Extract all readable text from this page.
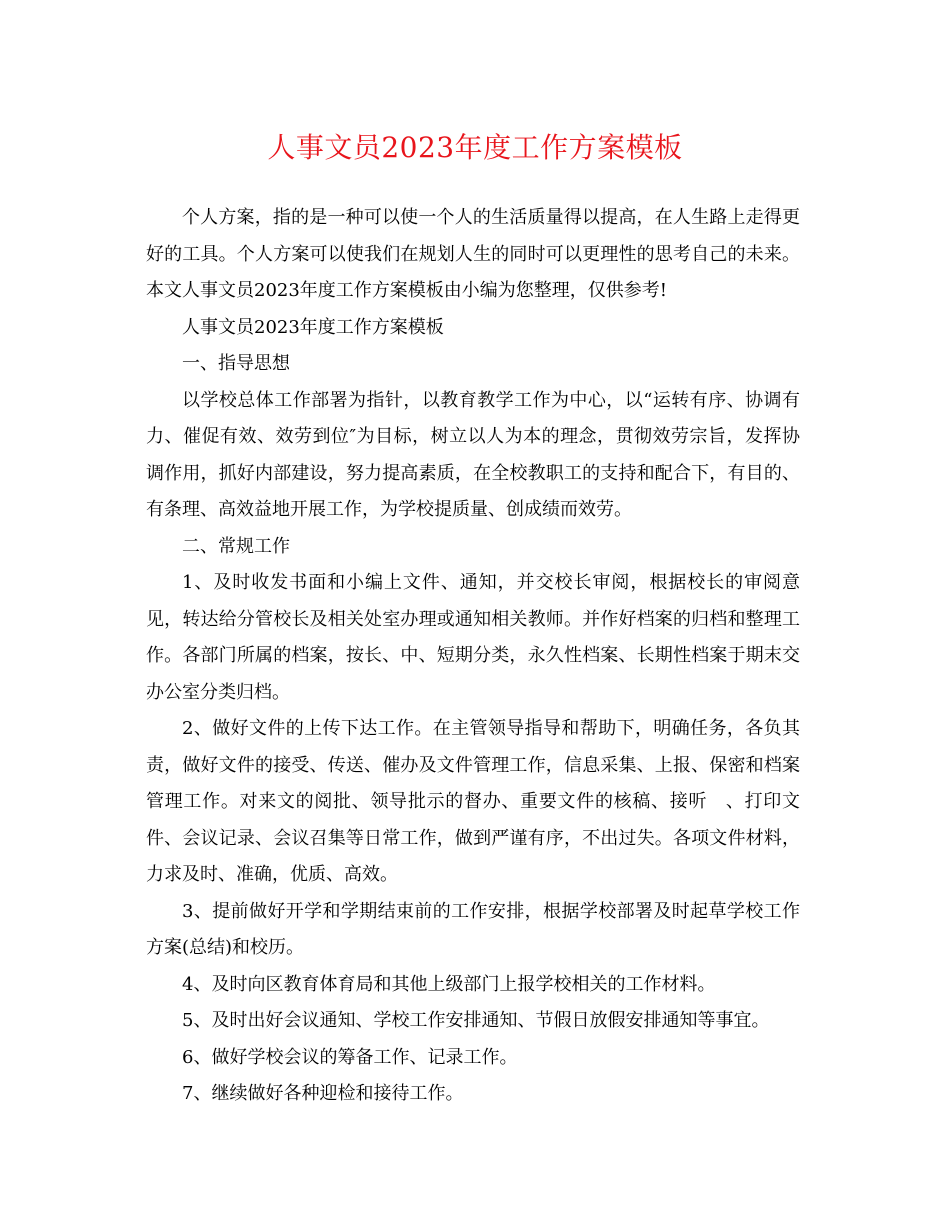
人事文员2023年度工作方案模板

个人方案，指的是一种可以使一个人的生活质量得以提高，在人生路上走得更好的工具。个人方案可以使我们在规划人生的同时可以更理性的思考自己的未来。本文人事文员2023年度工作方案模板由小编为您整理，仅供参考!

人事文员2023年度工作方案模板

一、指导思想

以学校总体工作部署为指针，以教育教学工作为中心，以“运转有序、协调有力、催促有效、效劳到位″为目标，树立以人为本的理念，贯彻效劳宗旨，发挥协调作用，抓好内部建设，努力提高素质，在全校教职工的支持和配合下，有目的、有条理、高效益地开展工作，为学校提质量、创成绩而效劳。

二、常规工作

1、及时收发书面和小编上文件、通知，并交校长审阅，根据校长的审阅意见，转达给分管校长及相关处室办理或通知相关教师。并作好档案的归档和整理工作。各部门所属的档案，按长、中、短期分类，永久性档案、长期性档案于期末交办公室分类归档。

2、做好文件的上传下达工作。在主管领导指导和帮助下，明确任务，各负其责，做好文件的接受、传送、催办及文件管理工作，信息采集、上报、保密和档案管理工作。对来文的阅批、领导批示的督办、重要文件的核稿、接听　、打印文件、会议记录、会议召集等日常工作，做到严谨有序，不出过失。各项文件材料，力求及时、准确，优质、高效。

3、提前做好开学和学期结束前的工作安排，根据学校部署及时起草学校工作方案(总结)和校历。

4、及时向区教育体育局和其他上级部门上报学校相关的工作材料。

5、及时出好会议通知、学校工作安排通知、节假日放假安排通知等事宜。

6、做好学校会议的筹备工作、记录工作。

7、继续做好各种迎检和接待工作。
